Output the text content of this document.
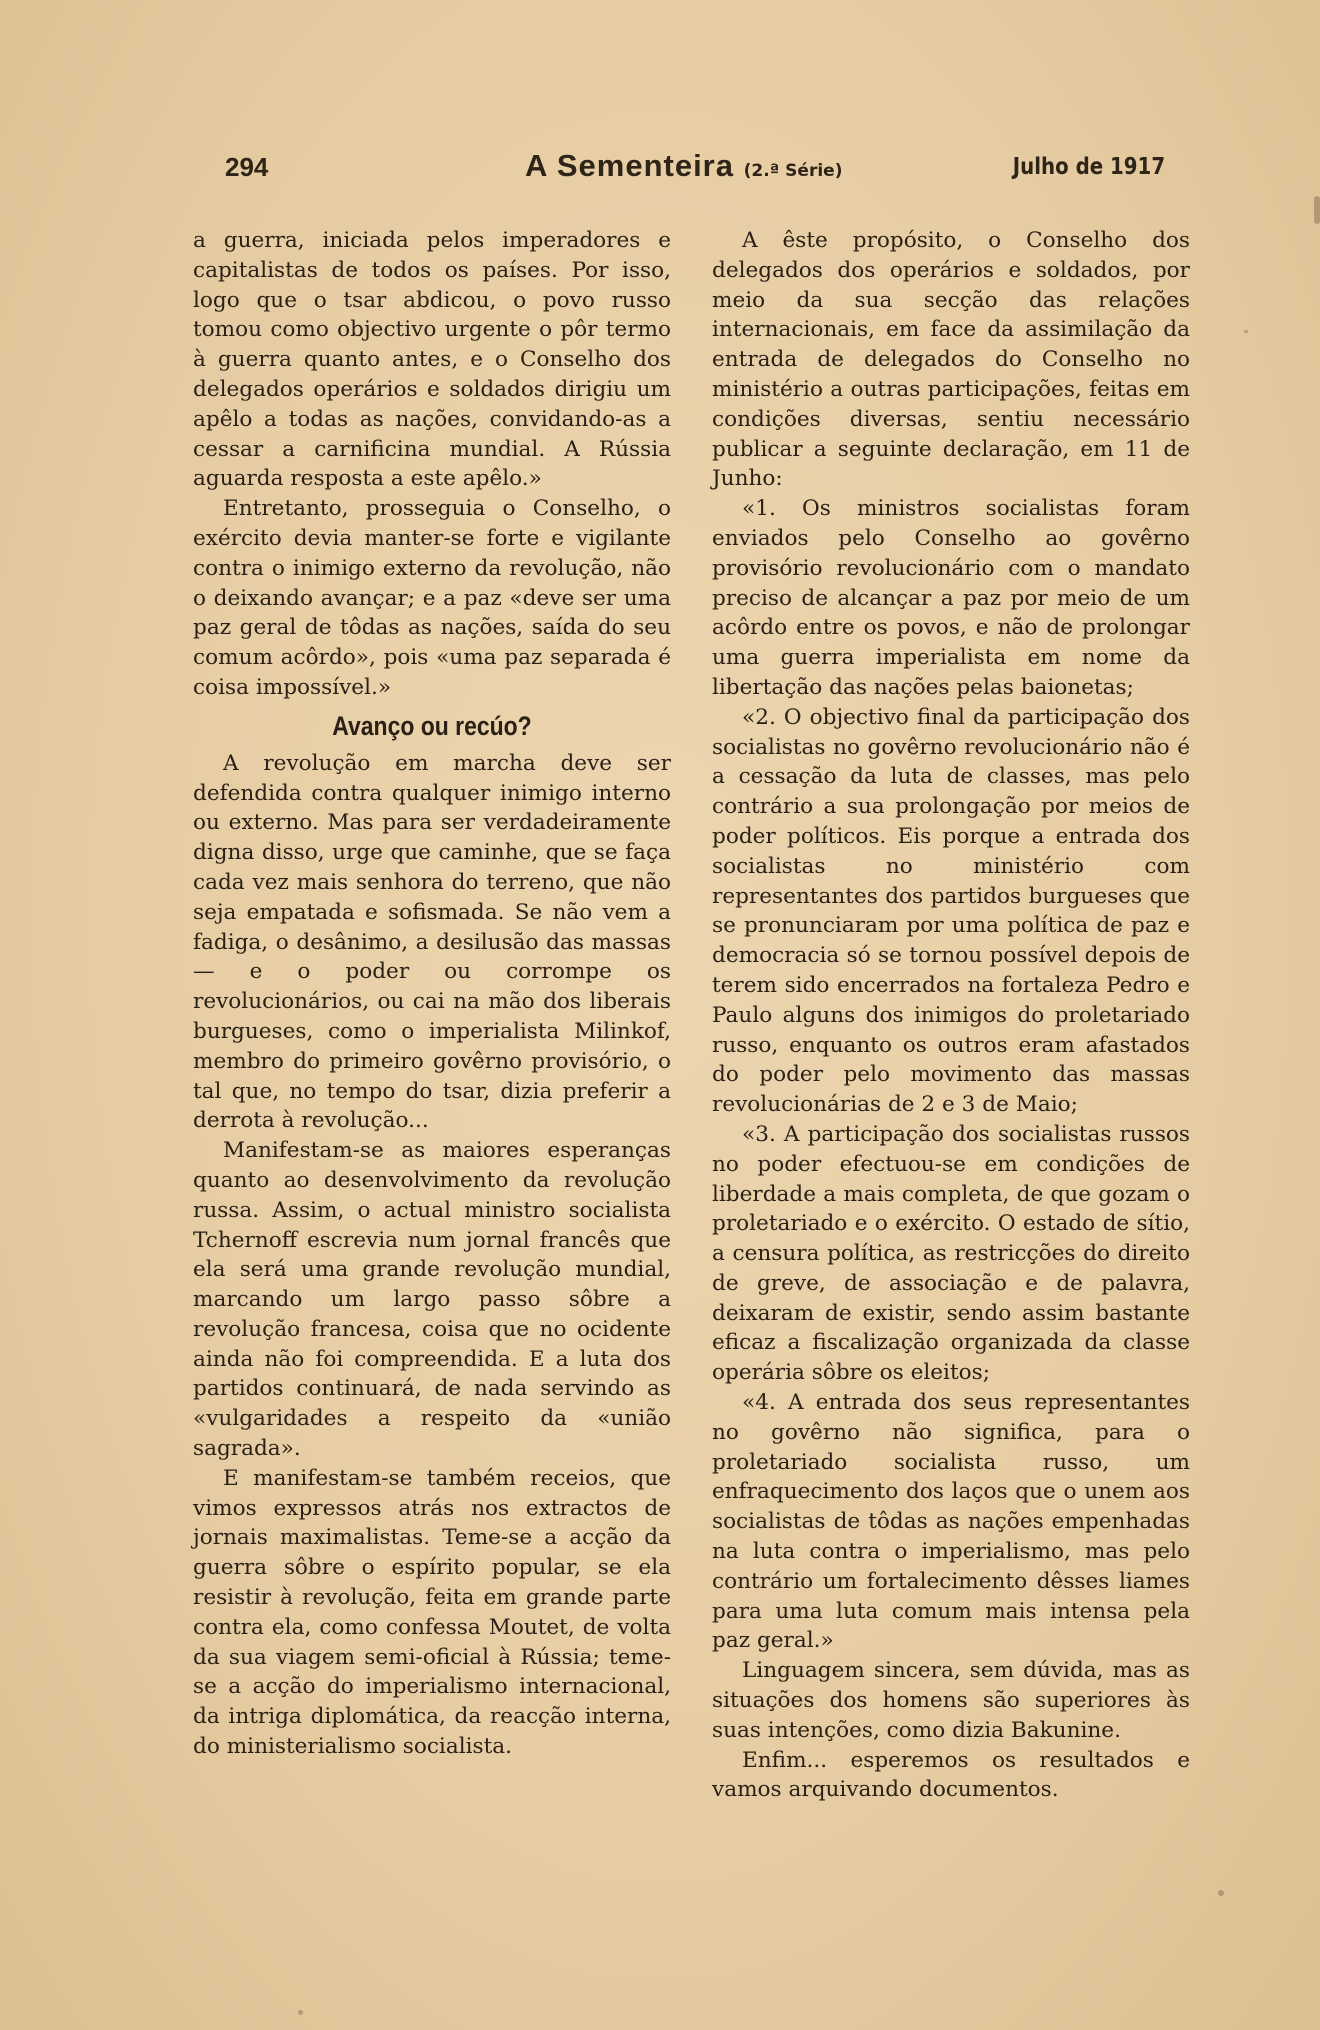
294	A Sementeira (2.ª Série)	Julho de 1917

a guerra, iniciada pelos imperadores e capitalistas de todos os países. Por isso, logo que o tsar abdicou, o povo russo tomou como objectivo urgente o pôr termo à guerra quanto antes, e o Conselho dos delegados operários e soldados dirigiu um apêlo a todas as nações, convidando-as a cessar a carnificina mundial. A Rússia aguarda resposta a este apêlo.»

Entretanto, prosseguia o Conselho, o exército devia manter-se forte e vigilante contra o inimigo externo da revolução, não o deixando avançar; e a paz «deve ser uma paz geral de tôdas as nações, saída do seu comum acôrdo», pois «uma paz separada é coisa impossível.»

Avanço ou recúo?

A revolução em marcha deve ser defendida contra qualquer inimigo interno ou externo. Mas para ser verdadeiramente digna disso, urge que caminhe, que se faça cada vez mais senhora do terreno, que não seja empatada e sofismada. Se não vem a fadiga, o desânimo, a desilusão das massas — e o poder ou corrompe os revolucionários, ou cai na mão dos liberais burgueses, como o imperialista Milinkof, membro do primeiro govêrno provisório, o tal que, no tempo do tsar, dizia preferir a derrota à revolução...

Manifestam-se as maiores esperanças quanto ao desenvolvimento da revolução russa. Assim, o actual ministro socialista Tchernoff escrevia num jornal francês que ela será uma grande revolução mundial, marcando um largo passo sôbre a revolução francesa, coisa que no ocidente ainda não foi compreendida. E a luta dos partidos continuará, de nada servindo as «vulgaridades a respeito da «união sagrada».

E manifestam-se também receios, que vimos expressos atrás nos extractos de jornais maximalistas. Teme-se a acção da guerra sôbre o espírito popular, se ela resistir à revolução, feita em grande parte contra ela, como confessa Moutet, de volta da sua viagem semi-oficial à Rússia; teme-se a acção do imperialismo internacional, da intriga diplomática, da reacção interna, do ministerialismo socialista.

A êste propósito, o Conselho dos delegados dos operários e soldados, por meio da sua secção das relações internacionais, em face da assimilação da entrada de delegados do Conselho no ministério a outras participações, feitas em condições diversas, sentiu necessário publicar a seguinte declaração, em 11 de Junho:

«1. Os ministros socialistas foram enviados pelo Conselho ao govêrno provisório revolucionário com o mandato preciso de alcançar a paz por meio de um acôrdo entre os povos, e não de prolongar uma guerra imperialista em nome da libertação das nações pelas baionetas;

«2. O objectivo final da participação dos socialistas no govêrno revolucionário não é a cessação da luta de classes, mas pelo contrário a sua prolongação por meios de poder políticos. Eis porque a entrada dos socialistas no ministério com representantes dos partidos burgueses que se pronunciaram por uma política de paz e democracia só se tornou possível depois de terem sido encerrados na fortaleza Pedro e Paulo alguns dos inimigos do proletariado russo, enquanto os outros eram afastados do poder pelo movimento das massas revolucionárias de 2 e 3 de Maio;

«3. A participação dos socialistas russos no poder efectuou-se em condições de liberdade a mais completa, de que gozam o proletariado e o exército. O estado de sítio, a censura política, as restricções do direito de greve, de associação e de palavra, deixaram de existir, sendo assim bastante eficaz a fiscalização organizada da classe operária sôbre os eleitos;

«4. A entrada dos seus representantes no govêrno não significa, para o proletariado socialista russo, um enfraquecimento dos laços que o unem aos socialistas de tôdas as nações empenhadas na luta contra o imperialismo, mas pelo contrário um fortalecimento dêsses liames para uma luta comum mais intensa pela paz geral.»

Linguagem sincera, sem dúvida, mas as situações dos homens são superiores às suas intenções, como dizia Bakunine.

Enfim... esperemos os resultados e vamos arquivando documentos.
